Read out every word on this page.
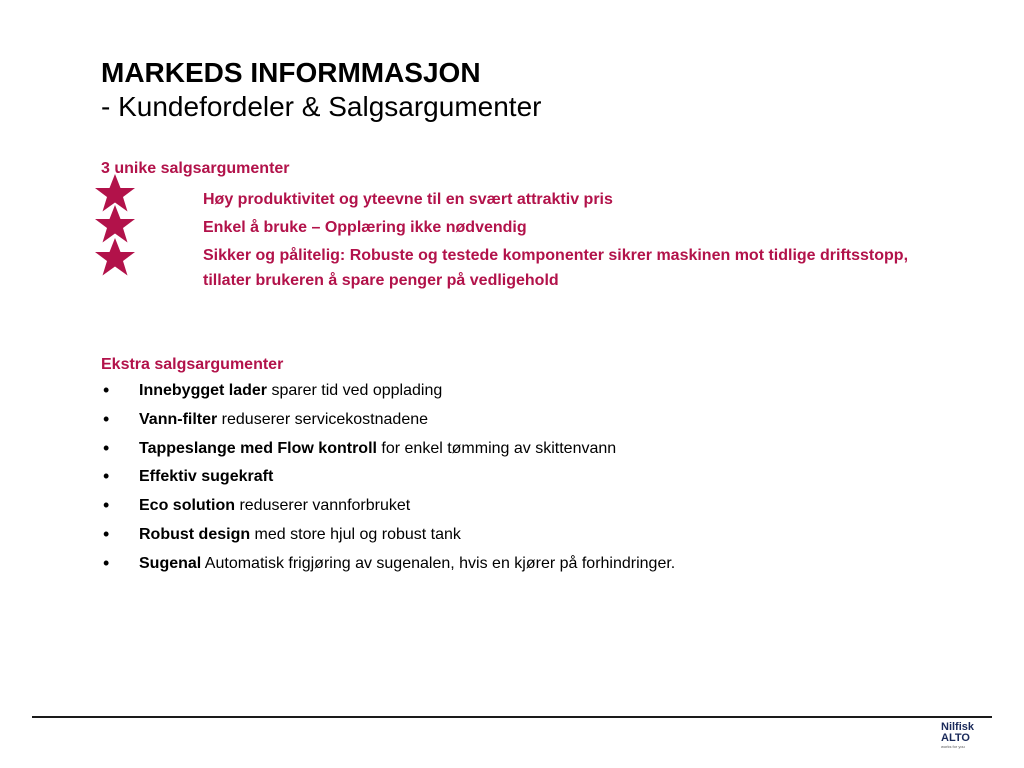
MARKEDS INFORMMASJON

- Kundefordeler & Salgsargumenter

3 unike salgsargumenter

Høy produktivitet og yteevne til en svært attraktiv pris

Enkel å bruke – Opplæring ikke nødvendig

Sikker og pålitelig: Robuste og testede komponenter sikrer maskinen mot tidlige driftsstopp, tillater brukeren å spare penger på vedligehold

Ekstra salgsargumenter

• Innebygget lader sparer tid ved opplading
• Vann-filter reduserer servicekostnadene
• Tappeslange med Flow kontroll for enkel tømming av skittenvann
• Effektiv sugekraft
• Eco solution reduserer vannforbruket
• Robust design med store hjul og robust tank
• Sugenal Automatisk frigjøring av sugenalen, hvis en kjører på forhindringer.
Nilfisk
ALTO
works for you
